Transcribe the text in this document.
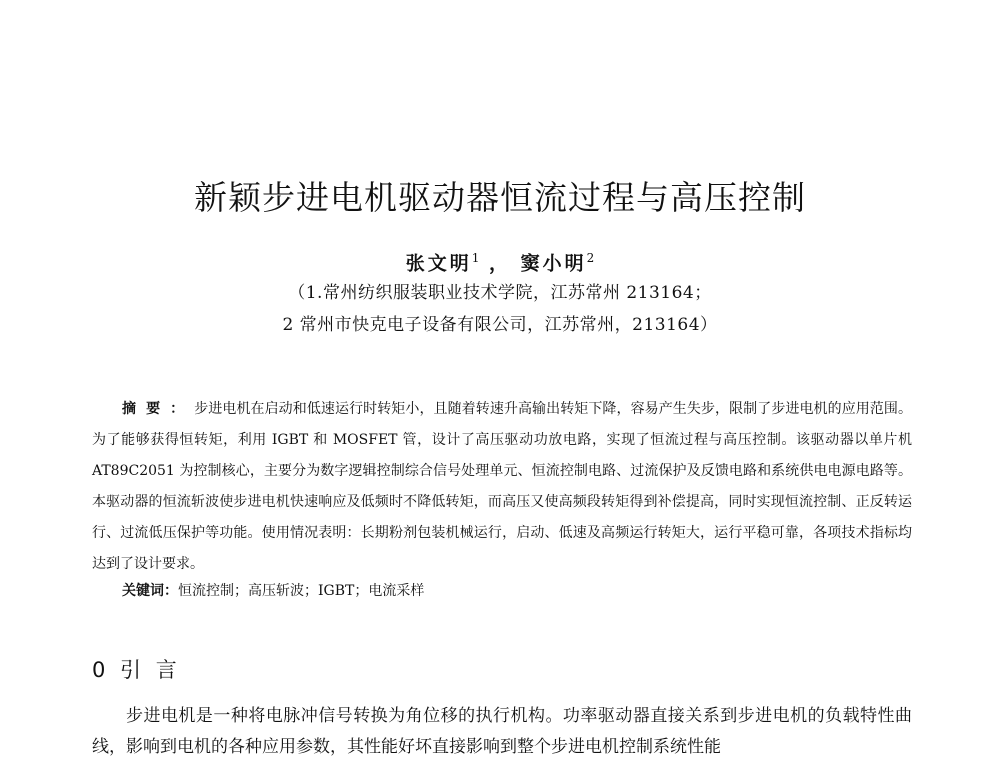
新颖步进电机驱动器恒流过程与高压控制
张文明$^1$ ， 窦小明$^2$
（1.常州纺织服装职业技术学院，江苏常州 213164；
2 常州市快克电子设备有限公司，江苏常州，213164）

摘要：步进电机在启动和低速运行时转矩小，且随着转速升高输出转矩下降，容易产生失步，限制了步进电机的应用范围。为了能够获得恒转矩，利用 IGBT 和 MOSFET 管，设计了高压驱动功放电路，实现了恒流过程与高压控制。该驱动器以单片机 AT89C2051 为控制核心，主要分为数字逻辑控制综合信号处理单元、恒流控制电路、过流保护及反馈电路和系统供电电源电路等。本驱动器的恒流斩波使步进电机快速响应及低频时不降低转矩，而高压又使高频段转矩得到补偿提高，同时实现恒流控制、正反转运行、过流低压保护等功能。使用情况表明：长期粉剂包装机械运行，启动、低速及高频运行转矩大，运行平稳可靠，各项技术指标均达到了设计要求。

关键词：恒流控制；高压斩波；IGBT；电流采样

0 引 言

步进电机是一种将电脉冲信号转换为角位移的执行机构。功率驱动器直接关系到步进电机的负载特性曲线，影响到电机的各种应用参数，其性能好坏直接影响到整个步进电机控制系统性能
